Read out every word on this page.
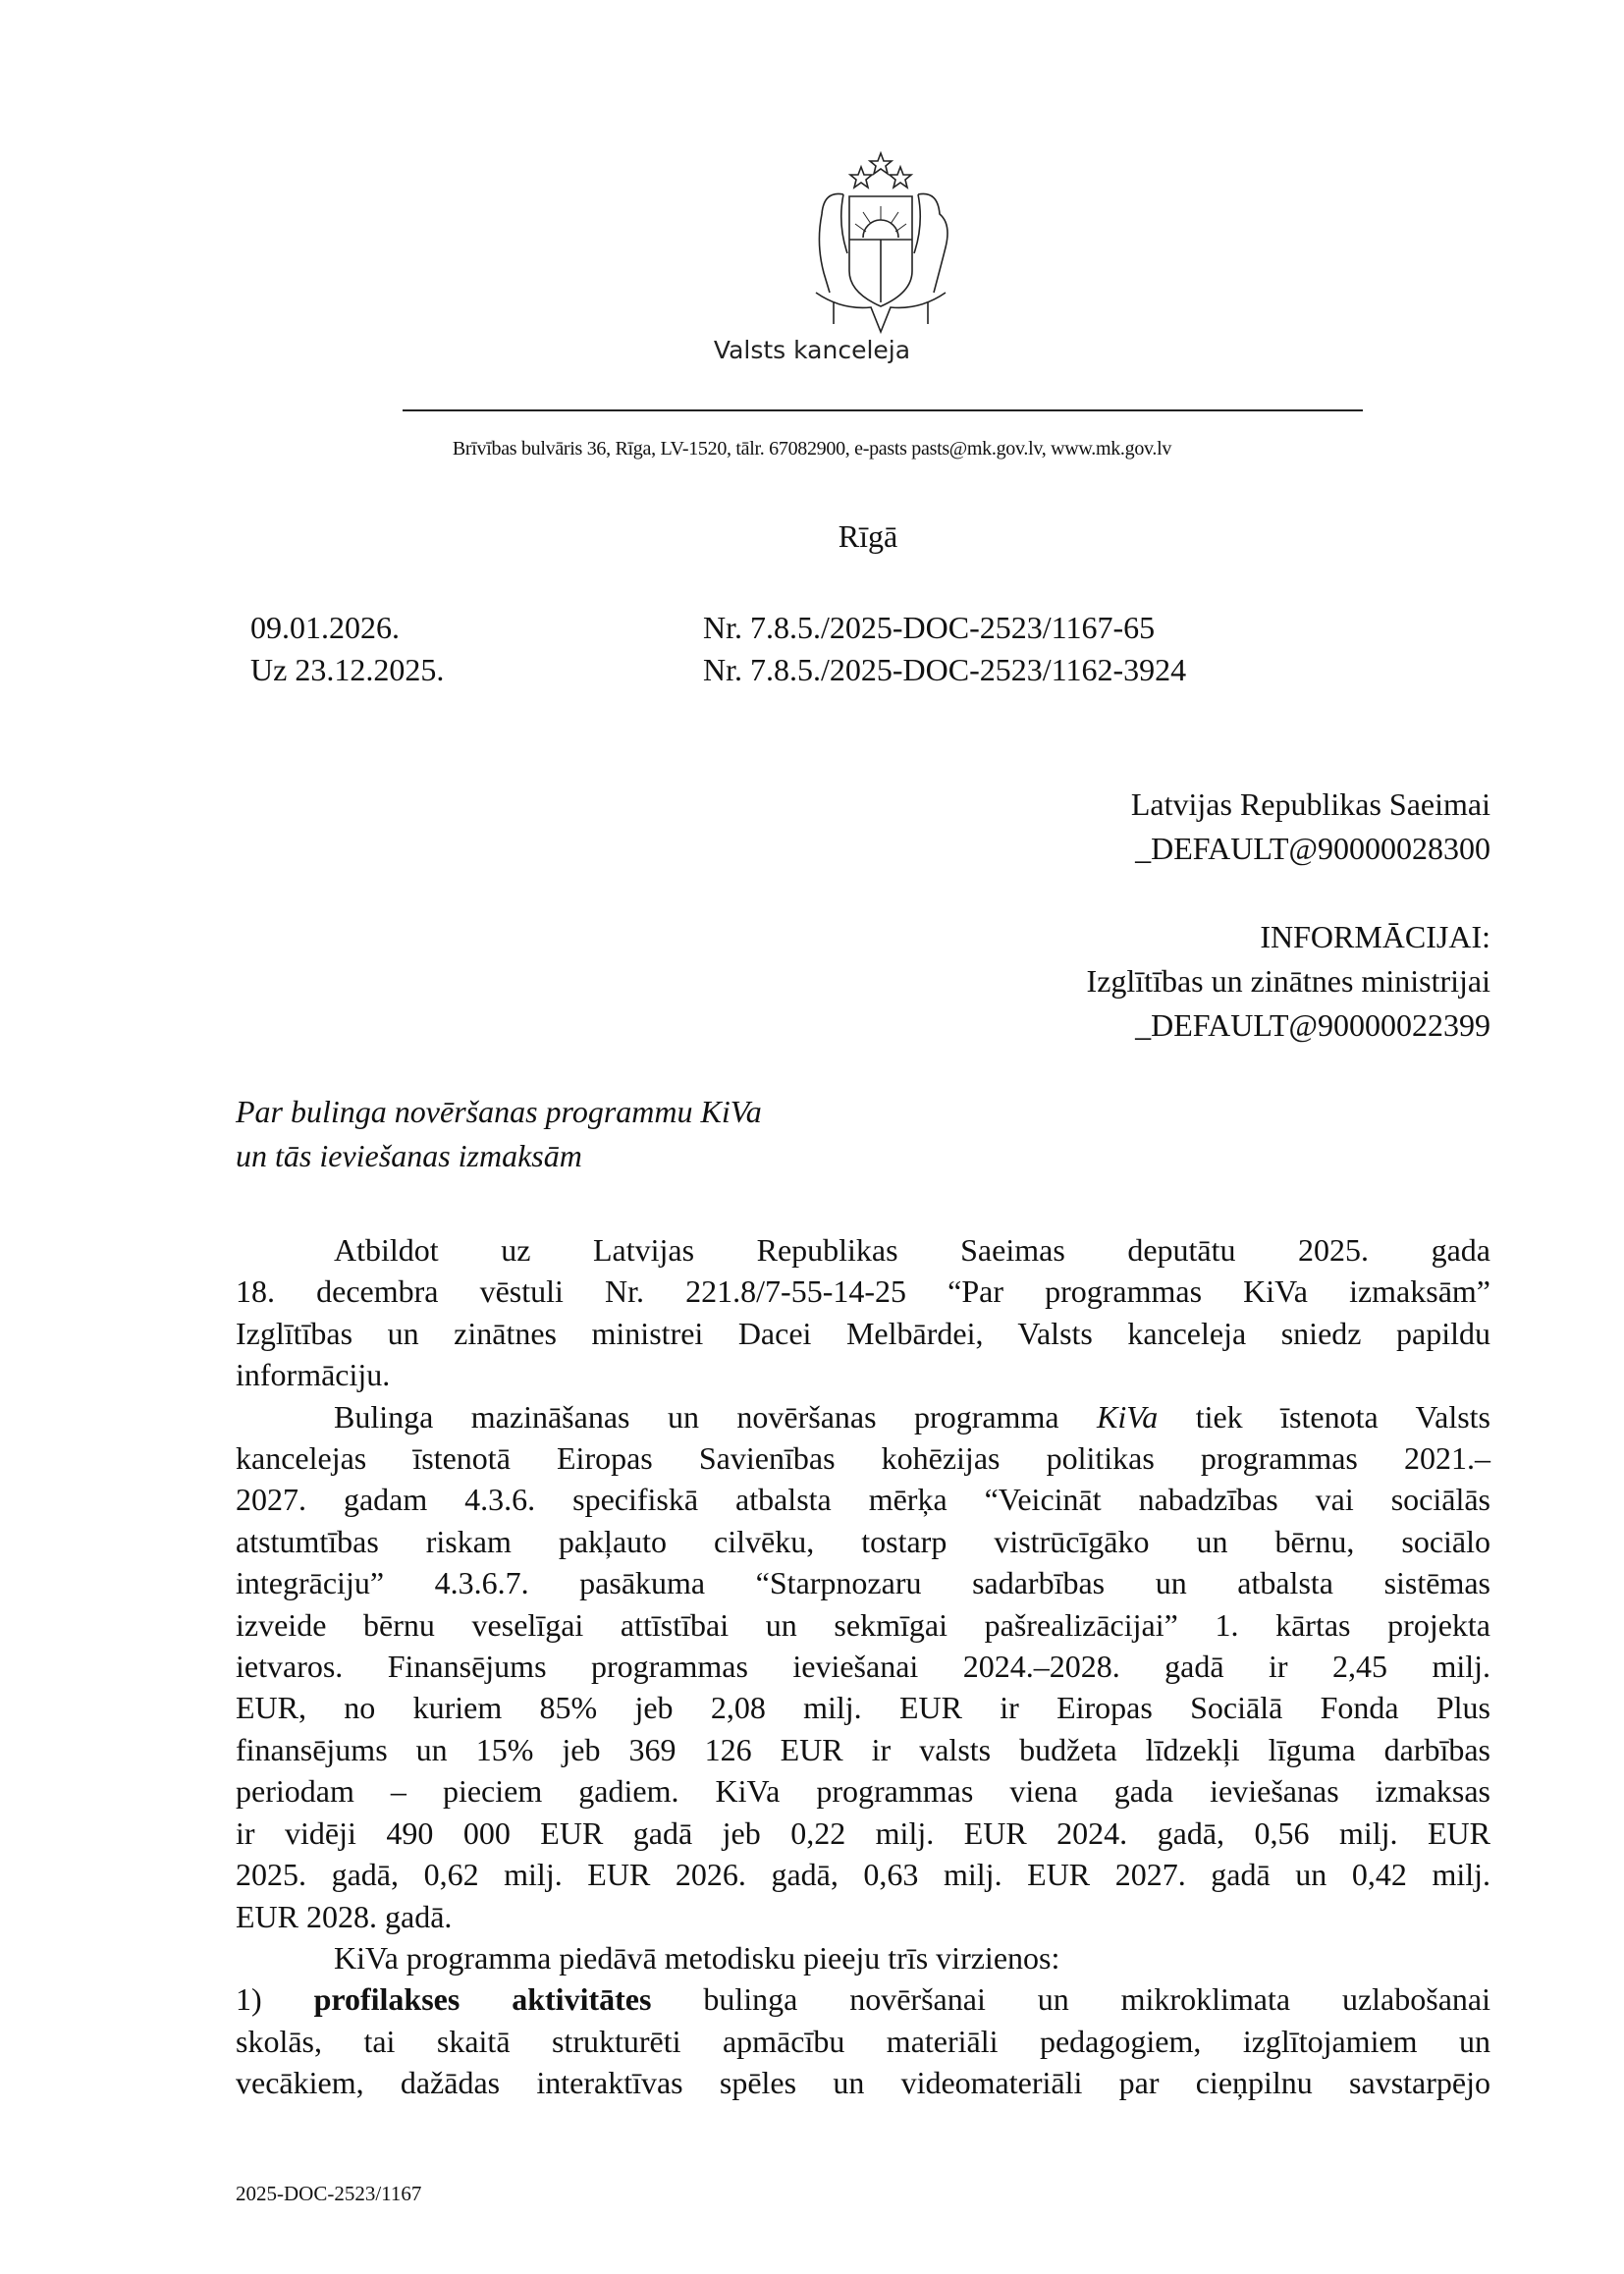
Valsts kanceleja
Brīvības bulvāris 36, Rīga, LV-1520, tālr. 67082900, e-pasts pasts@mk.gov.lv, www.mk.gov.lv
Rīgā
09.01.2026.	Nr. 7.8.5./2025-DOC-2523/1167-65
Uz 23.12.2025.	Nr. 7.8.5./2025-DOC-2523/1162-3924
Latvijas Republikas Saeimai
_DEFAULT@90000028300
INFORMĀCIJAI:
Izglītības un zinātnes ministrijai
_DEFAULT@90000022399
Par bulinga novēršanas programmu KiVa
un tās ieviešanas izmaksām
Atbildot uz Latvijas Republikas Saeimas deputātu 2025. gada
18. decembra vēstuli Nr. 221.8/7-55-14-25 “Par programmas KiVa izmaksām”
Izglītības un zinātnes ministrei Dacei Melbārdei, Valsts kanceleja sniedz papildu
informāciju.
Bulinga mazināšanas un novēršanas programma KiVa tiek īstenota Valsts
kancelejas īstenotā Eiropas Savienības kohēzijas politikas programmas 2021.–
2027. gadam 4.3.6. specifiskā atbalsta mērķa “Veicināt nabadzības vai sociālās
atstumtības riskam pakļauto cilvēku, tostarp vistrūcīgāko un bērnu, sociālo
integrāciju” 4.3.6.7. pasākuma “Starpnozaru sadarbības un atbalsta sistēmas
izveide bērnu veselīgai attīstībai un sekmīgai pašrealizācijai” 1. kārtas projekta
ietvaros. Finansējums programmas ieviešanai 2024.–2028. gadā ir 2,45 milj.
EUR, no kuriem 85% jeb 2,08 milj. EUR ir Eiropas Sociālā Fonda Plus
finansējums un 15% jeb 369 126 EUR ir valsts budžeta līdzekļi līguma darbības
periodam – pieciem gadiem. KiVa programmas viena gada ieviešanas izmaksas
ir vidēji 490 000 EUR gadā jeb 0,22 milj. EUR 2024. gadā, 0,56 milj. EUR
2025. gadā, 0,62 milj. EUR 2026. gadā, 0,63 milj. EUR 2027. gadā un 0,42 milj.
EUR 2028. gadā.
KiVa programma piedāvā metodisku pieeju trīs virzienos:
1) profilakses aktivitātes bulinga novēršanai un mikroklimata uzlabošanai
skolās, tai skaitā strukturēti apmācību materiāli pedagogiem, izglītojamiem un
vecākiem, dažādas interaktīvas spēles un videomateriāli par cieņpilnu savstarpējo
2025-DOC-2523/1167
